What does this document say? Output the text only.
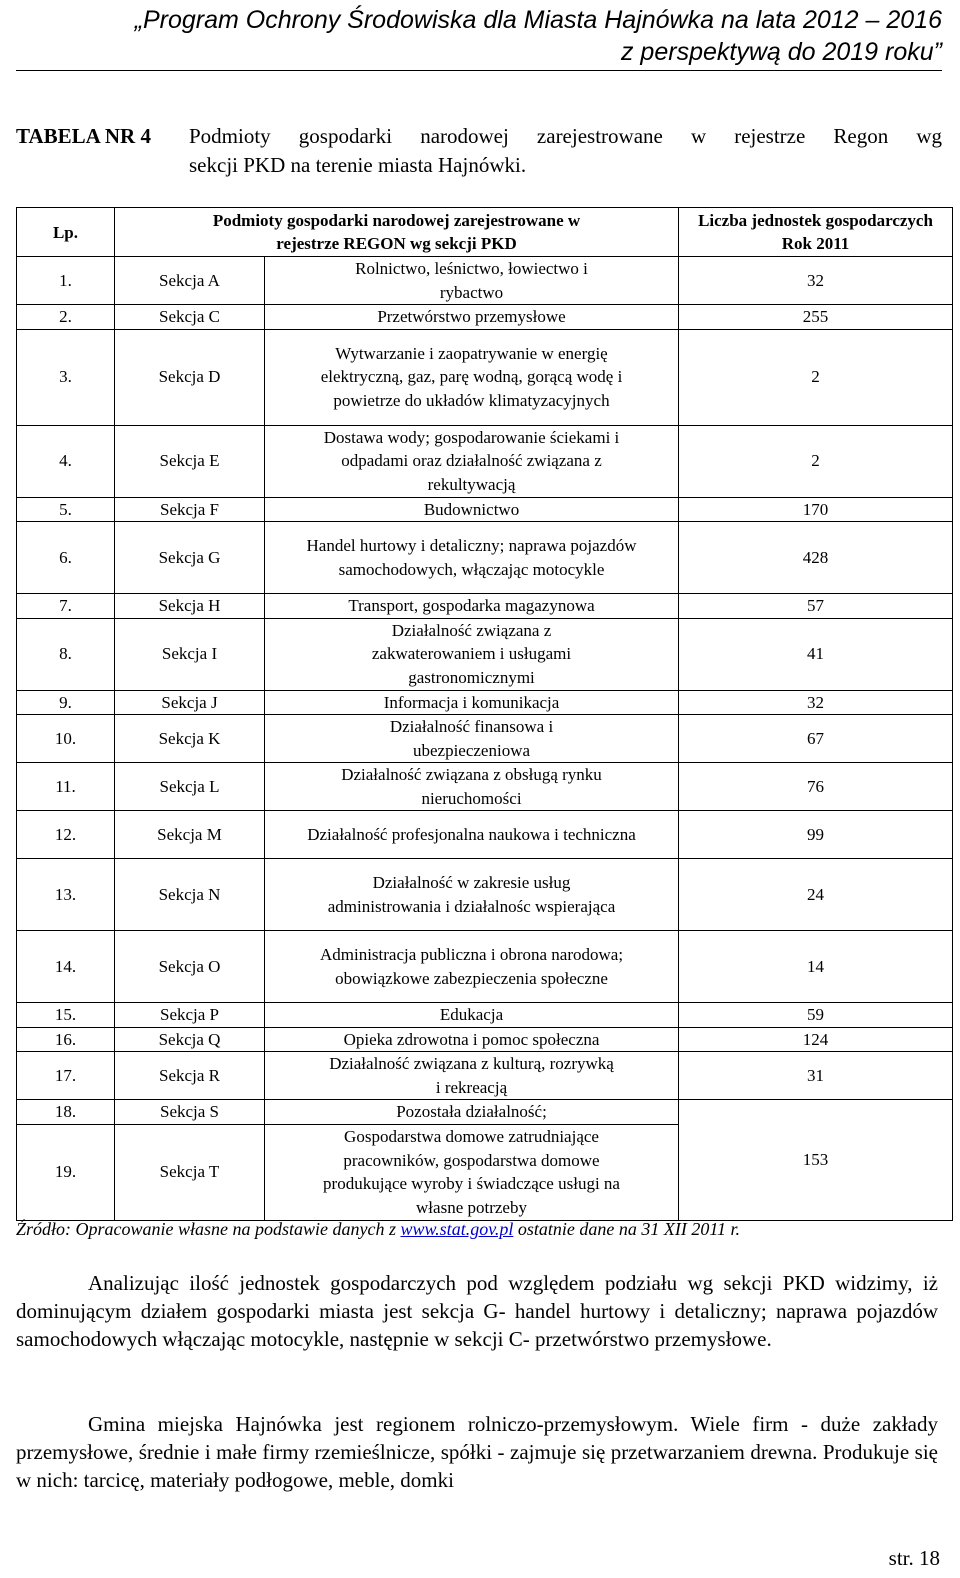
„Program Ochrony Środowiska dla Miasta Hajnówka na lata 2012 – 2016
z perspektywą do 2019 roku”
TABELA NR 4 Podmioty gospodarki narodowej zarejestrowane w rejestrze Regon wg
sekcji PKD na terenie miasta Hajnówki.
Lp.	Podmioty gospodarki narodowej zarejestrowane w rejestrze REGON wg sekcji PKD		Liczba jednostek gospodarczych Rok 2011
1.	Sekcja A	Rolnictwo, leśnictwo, łowiectwo i rybactwo	32
2.	Sekcja C	Przetwórstwo przemysłowe	255
3.	Sekcja D	Wytwarzanie i zaopatrywanie w energię elektryczną, gaz, parę wodną, gorącą wodę i powietrze do układów klimatyzacyjnych	2
4.	Sekcja E	Dostawa wody; gospodarowanie ściekami i odpadami oraz działalność związana z rekultywacją	2
5.	Sekcja F	Budownictwo	170
6.	Sekcja G	Handel hurtowy i detaliczny; naprawa pojazdów samochodowych, włączając motocykle	428
7.	Sekcja H	Transport, gospodarka magazynowa	57
8.	Sekcja I	Działalność związana z zakwaterowaniem i usługami gastronomicznymi	41
9.	Sekcja J	Informacja i komunikacja	32
10.	Sekcja K	Działalność finansowa i ubezpieczeniowa	67
11.	Sekcja L	Działalność związana z obsługą rynku nieruchomości	76
12.	Sekcja M	Działalność profesjonalna naukowa i techniczna	99
13.	Sekcja N	Działalność w zakresie usług administrowania i działalnośc wspierająca	24
14.	Sekcja O	Administracja publiczna i obrona narodowa; obowiązkowe zabezpieczenia społeczne	14
15.	Sekcja P	Edukacja	59
16.	Sekcja Q	Opieka zdrowotna i pomoc społeczna	124
17.	Sekcja R	Działalność związana z kulturą, rozrywką i rekreacją	31
18.	Sekcja S	Pozostała działalność;	153
19.	Sekcja T	Gospodarstwa domowe zatrudniające pracowników, gospodarstwa domowe produkujące wyroby i świadczące usługi na własne potrzeby	
Źródło: Opracowanie własne na podstawie danych z www.stat.gov.pl ostatnie dane na 31 XII 2011 r.
Analizując ilość jednostek gospodarczych pod względem podziału wg sekcji PKD widzimy, iż dominującym działem gospodarki miasta jest sekcja G- handel hurtowy i detaliczny; naprawa pojazdów samochodowych włączając motocykle, następnie w sekcji C- przetwórstwo przemysłowe.
Gmina miejska Hajnówka jest regionem rolniczo-przemysłowym. Wiele firm - duże zakłady przemysłowe, średnie i małe firmy rzemieślnicze, spółki - zajmuje się przetwarzaniem drewna. Produkuje się w nich: tarcicę, materiały podłogowe, meble, domki
str. 18
